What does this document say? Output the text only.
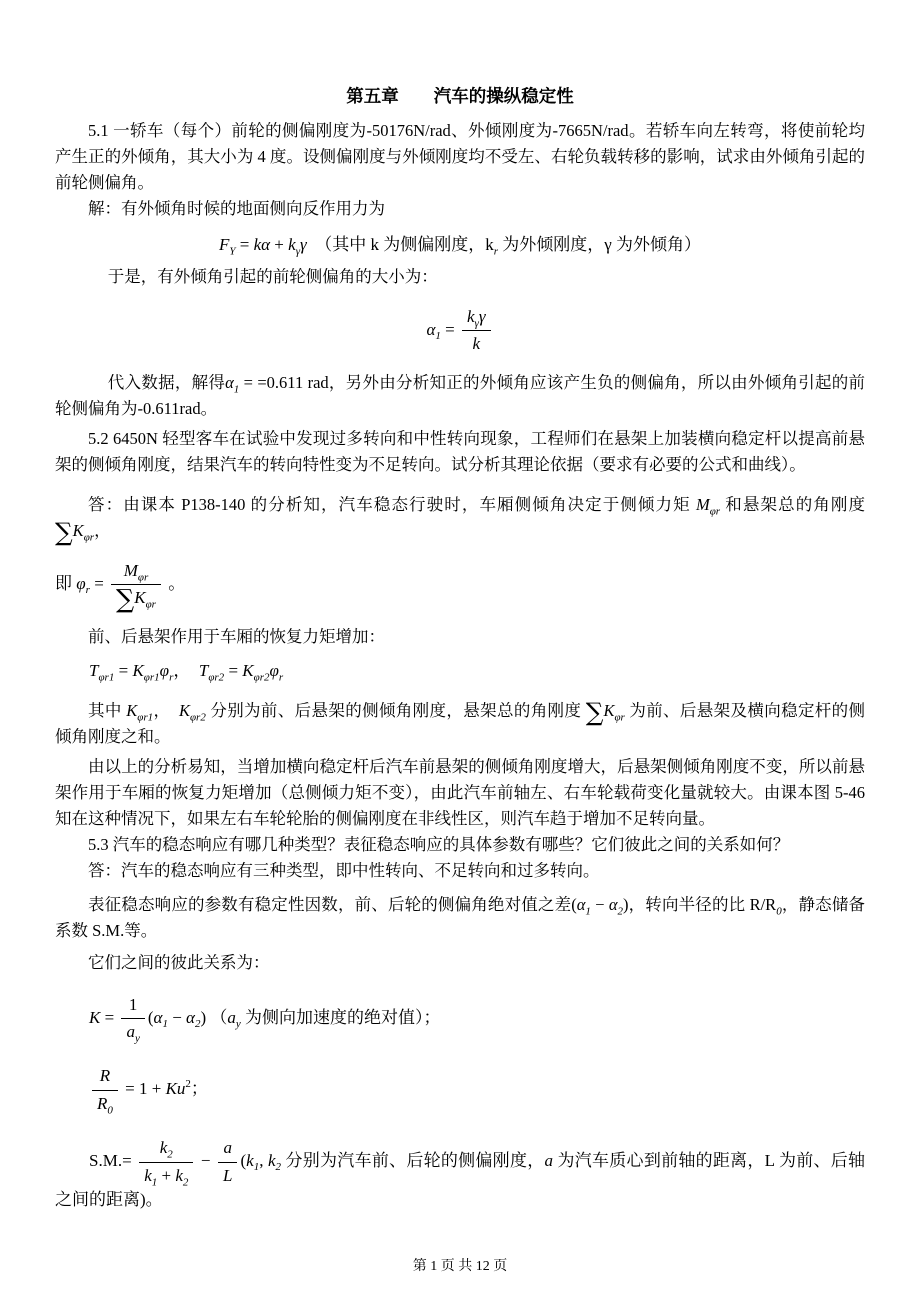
第五章　　汽车的操纵稳定性

5.1 一轿车（每个）前轮的侧偏刚度为-50176N/rad、外倾刚度为-7665N/rad。若轿车向左转弯，将使前轮均产生正的外倾角，其大小为 4 度。设侧偏刚度与外倾刚度均不受左、右轮负载转移的影响，试求由外倾角引起的前轮侧偏角。

解：有外倾角时候的地面侧向反作用力为

$F_Y = k\alpha + k_\gamma\gamma$　（其中 k 为侧偏刚度，$k_r$ 为外倾刚度，γ 为外倾角）

于是，有外倾角引起的前轮侧偏角的大小为：

$\alpha_1 = \frac{k_\gamma\gamma}{k}$

代入数据，解得$\alpha_1 = =0.611$ rad，另外由分析知正的外倾角应该产生负的侧偏角，所以由外倾角引起的前轮侧偏角为-0.611rad。

5.2 6450N 轻型客车在试验中发现过多转向和中性转向现象，工程师们在悬架上加装横向稳定杆以提高前悬架的侧倾角刚度，结果汽车的转向特性变为不足转向。试分析其理论依据（要求有必要的公式和曲线）。

答：由课本 P138-140 的分析知，汽车稳态行驶时，车厢侧倾角决定于侧倾力矩 $M_{\varphi r}$ 和悬架总的角刚度 $\sum K_{\varphi r}$，

即 $\varphi_r = \frac{M_{\varphi r}}{\sum K_{\varphi r}}$ 。

前、后悬架作用于车厢的恢复力矩增加：

$T_{\varphi r1} = K_{\varphi r1}\varphi_r$，　$T_{\varphi r2} = K_{\varphi r2}\varphi_r$

其中 $K_{\varphi r1}$，　$K_{\varphi r2}$ 分别为前、后悬架的侧倾角刚度，悬架总的角刚度 $\sum K_{\varphi r}$ 为前、后悬架及横向稳定杆的侧倾角刚度之和。

由以上的分析易知，当增加横向稳定杆后汽车前悬架的侧倾角刚度增大，后悬架侧倾角刚度不变，所以前悬架作用于车厢的恢复力矩增加（总侧倾力矩不变），由此汽车前轴左、右车轮载荷变化量就较大。由课本图 5-46 知在这种情况下，如果左右车轮轮胎的侧偏刚度在非线性区，则汽车趋于增加不足转向量。

5.3 汽车的稳态响应有哪几种类型？表征稳态响应的具体参数有哪些？它们彼此之间的关系如何？

答：汽车的稳态响应有三种类型，即中性转向、不足转向和过多转向。

表征稳态响应的参数有稳定性因数，前、后轮的侧偏角绝对值之差$(\alpha_1 - \alpha_2)$，转向半径的比 $R/R_0$，静态储备系数 S.M.等。

它们之间的彼此关系为：

$K = \frac{1}{a_y} (\alpha_1 - \alpha_2)$ （$a_y$ 为侧向加速度的绝对值）；

$\frac{R}{R_0} = 1 + Ku^2$；

$S.M.= \frac{k_2}{k_1 + k_2} - \frac{a}{L} (k_1$, $k_2$ 分别为汽车前、后轮的侧偏刚度，a 为汽车质心到前轴的距离，L 为前、后轴之间的距离)。

第 1 页 共 12 页
